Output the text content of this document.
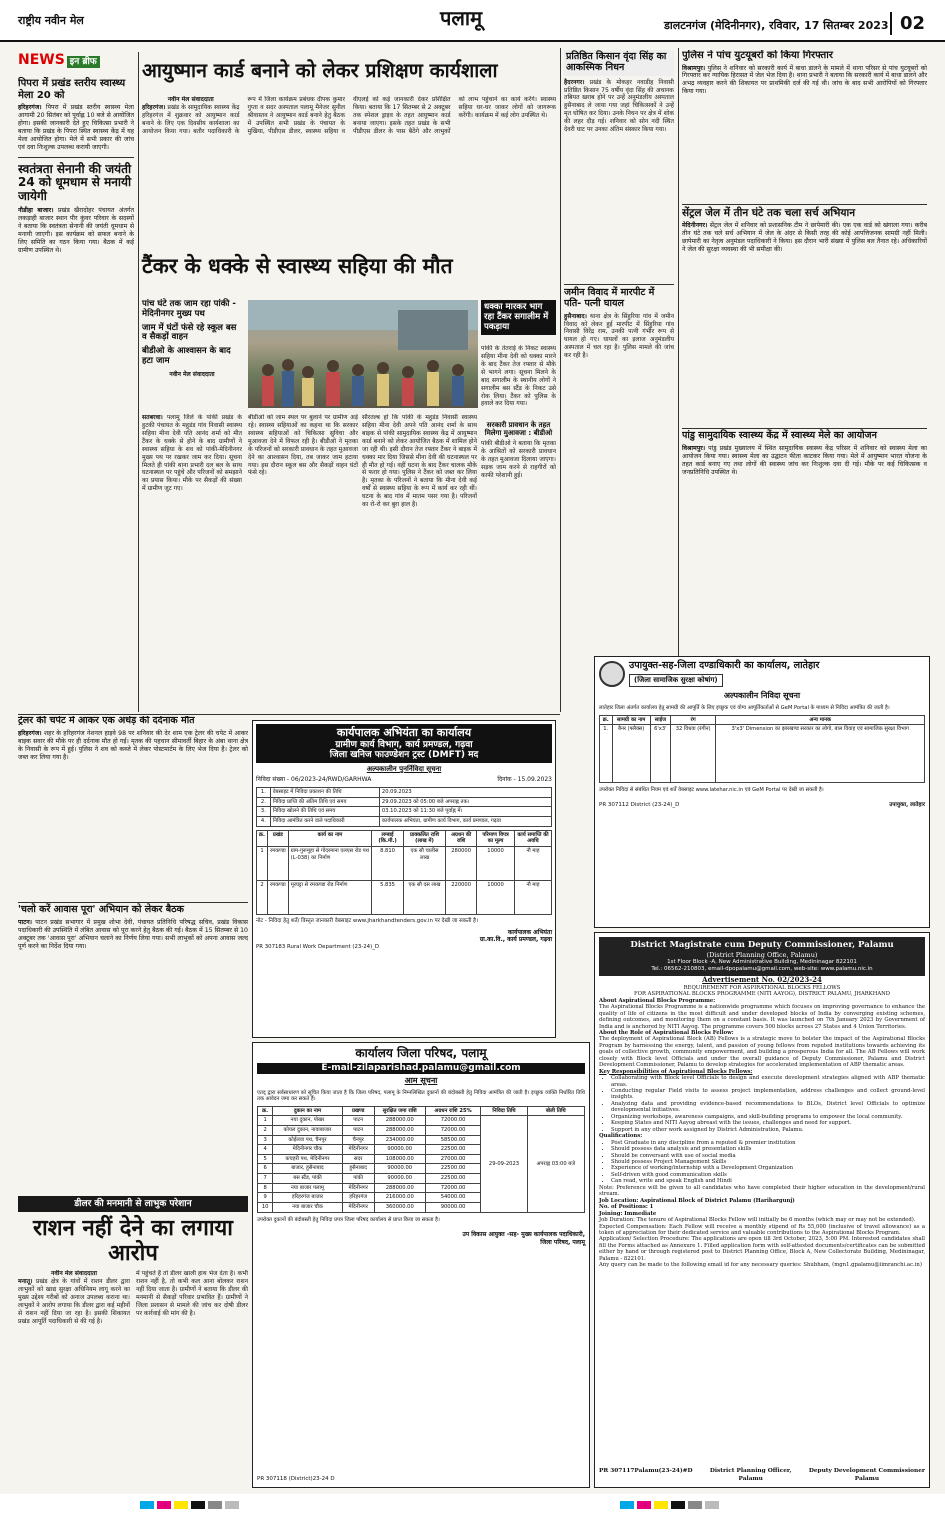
राष्ट्रीय नवीन मेल	पलामू	डालटनगंज (मेदिनीनगर), रविवार, 17 सितम्बर 2023 02
NEWS इन ब्रीफ
पिपरा में प्रखंड स्तरीय स्वास्थ्य मेला 20 को

हरिहरगंज। पिपरा में प्रखंड स्तरीय स्वास्थ्य मेला आगामी 20 सितंबर को पूर्वाह्न 10 बजे से आयोजित होगा। इसकी जानकारी देते हुए चिकित्सा प्रभारी ने बताया कि प्रखंड के पिपरा स्थित स्वास्थ्य केंद्र में यह मेला आयोजित होगा। मेले में सभी प्रकार की जांच एवं दवा निःशुल्क उपलब्ध करायी जाएगी।

स्वतंत्रता सेनानी की जयंती 24 को धूमधाम से मनायी जायेगी

नौडीहा बाजार। प्रखंड खैरादोहर पंचायत अंतर्गत लकड़ाही बाजार स्थान पीर कुंवर परिवार के सदस्यों ने बताया कि स्वतंत्रता सेनानी की जयंती धूमधाम से मनायी जाएगी। इस कार्यक्रम को सफल बनाने के लिए समिति का गठन किया गया। बैठक में कई ग्रामीण उपस्थित थे।

आयुष्मान कार्ड बनाने को लेकर प्रशिक्षण कार्यशाला
नवीन मेल संवाददाता
हरिहरगंज। प्रखंड के सामुदायिक स्वास्थ्य केंद्र हरिहरगंज में शुक्रवार को आयुष्मान कार्ड बनाने के लिए एक दिवसीय कार्यशाला का आयोजन किया गया। बतौर पदाधिकारी के रूप में जिला कार्यक्रम प्रबंधक दीपक कुमार गुप्ता व सदर अस्पताल पलामू मैनेजर सुनील श्रीवास्तव ने आयुष्मान कार्ड बनाने हेतु बैठक में उपस्थित सभी प्रखंड के पंचायत के मुखिया, पीडीएस डीलर, स्वास्थ्य सहिया व वीएलई को कई जानकारी देकर प्रशिक्षित किया। बताया कि 17 सितम्बर से 2 अक्टूबर तक स्पेशल ड्राइव के तहत आयुष्मान कार्ड बनाया जाएगा। इसके तहत प्रखंड के सभी पीडीएस डीलर के पास बैठेंगे और लाभुकों को लाभ पहुंचाने का कार्य करेंगे। स्वास्थ्य सहिया घर-घर जाकर लोगों को जागरूक करेंगी। कार्यक्रम में कई लोग उपस्थित थे।
टैंकर के धक्के से स्वास्थ्य सहिया की मौत
पांच घंटे तक जाम रहा पांकी - मेदिनीनगर मुख्य पथ
जाम में घंटों फंसे रहे स्कूल बस व सैकड़ों वाहन
बीडीओ के आश्वासन के बाद हटा जाम
नवीन मेल संवाददाता
धक्का मारकर भाग रहा टैंकर सगालीम में पकड़ाया
पांकी के तेतराई के निकट स्वास्थ्य सहिया मीना देवी को धक्का मारने के बाद टैंकर तेज रफ्तार से मौके से भागने लगा। सूचना मिलने के बाद सगालीम के स्थानीय लोगों ने सगालीम बस स्टैंड के निकट उसे रोक लिया। टैंकर को पुलिस के हवाले कर दिया गया।
सतबरवा। पलामू जिले के पांकी प्रखंड के हुटकी पंचायत के महुडंड गांव निवासी स्वास्थ्य सहिया मीना देवी पति आनंद शर्मा को मीत टैंकर के धक्के से होने के बाद ग्रामीणों ने स्वास्थ्य सहिया के शव को पांकी-मेदिनीनगर मुख्य पथ पर रखकर जाम कर दिया। सूचना मिलते ही पांकी थाना प्रभारी दल बल के साथ घटनास्थल पर पहुंचे और परिजनों को समझाने का प्रयास किया। मौके पर सैकड़ों की संख्या में ग्रामीण जुट गए।
बीडीओ को जाम स्थल पर बुलाने पर ग्रामीण अड़े रहे। स्वास्थ्य सहियाओं का कहना था कि सरकार स्वास्थ्य सहियाओं को चिकित्सा सुविधा और मुआवजा देने में विफल रही है। बीडीओ ने मृतका के परिजनों को सरकारी प्रावधान के तहत मुआवजा देने का आश्वासन दिया, तब जाकर जाम हटाया गया। इस दौरान स्कूल बस और सैकड़ों वाहन घंटों फंसे रहे।
सौरतल्ब हो कि पांकी के महुडंड निवासी स्वास्थ्य सहिया मीना देवी अपने पति आनंद शर्मा के साथ बाइक से पांकी सामुदायिक स्वास्थ्य केंद्र में आयुष्मान कार्ड बनाने को लेकर आयोजित बैठक में शामिल होने जा रही थी। इसी दौरान तेज रफ्तार टैंकर ने बाइक में धक्का मार दिया जिससे मीना देवी की घटनास्थल पर ही मौत हो गई। वहीं घटना के बाद टैंकर चालक मौके से फरार हो गया। पुलिस ने टैंकर को जब्त कर लिया है। मृतका के परिजनों ने बताया कि मीना देवी कई वर्षों से स्वास्थ्य सहिया के रूप में कार्य कर रही थीं। घटना के बाद गांव में मातम पसर गया है। परिजनों का रो-रो कर बुरा हाल है।
सरकारी प्रावधान के तहत मिलेगा मुआवजा : बीडीओ
पांकी बीडीओ ने बताया कि मृतका के आश्रितों को सरकारी प्रावधान के तहत मुआवजा दिलाया जाएगा। सड़क जाम करने से राहगीरों को काफी परेशानी हुई।
प्रतिष्ठित किसान वृंदा सिंह का आकस्मिक निधन

हैदरनगर। प्रखंड के मोकहर नवाडीह निवासी प्रतिष्ठित किसान 75 वर्षीय वृंदा सिंह की अचानक तबियत खराब होने पर उन्हें अनुमंडलीय अस्पताल हुसैनाबाद ले जाया गया जहां चिकित्सकों ने उन्हें मृत घोषित कर दिया। उनके निधन पर क्षेत्र में शोक की लहर दौड़ गई। शनिवार को सोन नदी स्थित देवरी घाट पर उनका अंतिम संस्कार किया गया।

जमीन विवाद में मारपीट में पति- पत्नी घायल

हुसैनाबाद। थाना क्षेत्र के सिंहुरिया गांव में जमीन विवाद को लेकर हुई मारपीट में सिंहुरिया गांव निवासी विरेंद्र राम, उनकी पत्नी गंभीर रूप से घायल हो गए। घायलों का इलाज अनुमंडलीय अस्पताल में चल रहा है। पुलिस मामले की जांच कर रही है।

पुलिस ने पांच युटयूबरों को किया गिरफ्तार

विश्रामपुर। पुलिस ने शनिवार को सरकारी कार्य में बाधा डालने के मामले में थाना परिसर से पांच युटयूबरों को गिरफ्तार कर न्यायिक हिरासत में जेल भेज दिया है। थाना प्रभारी ने बताया कि सरकारी कार्य में बाधा डालने और अभद्र व्यवहार करने की शिकायत पर प्राथमिकी दर्ज की गई थी। जांच के बाद सभी आरोपियों को गिरफ्तार किया गया।

सेंट्रल जेल में तीन घंटे तक चला सर्च अभियान

मेदिनीनगर। सेंट्रल जेल में शनिवार को प्रशासनिक टीम ने छापेमारी की। एक एक वार्ड को खंगाला गया। करीब तीन घंटे तक चले सर्च अभियान में जेल के अंदर से किसी तरह की कोई आपत्तिजनक सामग्री नहीं मिली। छापेमारी का नेतृत्व अनुमंडल पदाधिकारी ने किया। इस दौरान भारी संख्या में पुलिस बल तैनात रहे। अधिकारियों ने जेल की सुरक्षा व्यवस्था की भी समीक्षा की।

पांडु सामुदायिक स्वास्थ्य केंद्र में स्वास्थ्य मेले का आयोजन

विश्रामपुर। पांडु प्रखंड मुख्यालय में स्थित सामुदायिक स्वास्थ्य केंद्र परिसर में शनिवार को स्वास्थ्य मेला का आयोजन किया गया। स्वास्थ्य मेला का उद्घाटन फीता काटकर किया गया। मेले में आयुष्मान भारत योजना के तहत कार्ड बनाए गए तथा लोगों की स्वास्थ्य जांच कर निःशुल्क दवा दी गई। मौके पर कई चिकित्सक व जनप्रतिनिधि उपस्थित थे।

उपायुक्त-सह-जिला दण्डाधिकारी का कार्यालय, लातेहार
(जिला सामाजिक सुरक्षा कोषांग)
अल्पकालीन निविदा सूचना
लातेहार जिला अंतर्गत कार्यालय हेतु सामग्री की आपूर्ति के लिए इच्छुक एवं योग्य आपूर्तिकर्ताओं से GeM Portal के माध्यम से निविदा आमंत्रित की जाती है।
क्र.	सामग्री का नाम	साईज	रंग	अन्य मानक
1.	बैनर (फ्लैक्स)	6'x3'	32 विधवा (रंगीन)	3'x3' Dimension का झारखण्ड सरकार का लोगो, बाल विवाह एवं सामाजिक सुरक्षा विभाग
उपरोक्त निविदा से संबंधित नियम एवं शर्तें वेबसाइट www.latehar.nic.in एवं GeM Portal पर देखी जा सकती है।
PR 307112 District (23-24)_D	उपायुक्त, लातेहार
District Magistrate cum Deputy Commissioner, Palamu
(District Planning Office, Palamu)
1st Floor Block -A, New Administrative Building, Medininagar 822101
Tel.: 06562-210803, email-dpopalamu@gmail.com, web-site: www.palamu.nic.in
Advertisement No. 02/2023-24
REQUIREMENT FOR ASPIRATIONAL BLOCKS FELLOWS
FOR ASPIRATIONAL BLOCKS PROGRAMME (NITI AAYOG), DISTRICT PALAMU, JHARKHAND
About Aspirational Blocks Programme:
The Aspirational Blocks Programme is a nationwide programme which focuses on improving governance to enhance the quality of life of citizens in the most difficult and under developed blocks of India by converging existing schemes, defining outcomes, and monitoring them on a constant basis. It was launched on 7th January 2023 by Government of India and is anchored by NITI Aayog. The programme covers 500 blocks across 27 States and 4 Union Territories.
About the Role of Aspirational Blocks Fellow:
The deployment of Aspirational Block (AB) Fellows is a strategic move to bolster the impact of the Aspirational Blocks Program by harnessing the energy, talent, and passion of young fellows from reputed institutions towards achieving its goals of collective growth, community empowerment, and building a prosperous India for all. The AB Fellows will work closely with Block level Officials and under the overall guidance of Deputy Commissioner, Palamu and District Development Commissioner, Palamu to develop strategies for accelerated implementation of ABP thematic areas.
Key Responsibilities of Aspirational Blocks Fellows:
• Collaborating with Block level Officials to design and execute development strategies aligned with ABP thematic areas.
• Conducting regular Field visits to assess project implementation, address challenges and collect ground-level insights.
• Analyzing data and providing evidence-based recommendations to BLOs, District level Officials to optimize developmental initiatives.
• Organizing workshops, awareness campaigns, and skill-building programs to empower the local community.
• Keeping States and NITI Aayog abreast with the issues, challenges and need for support.
• Support in any other work assigned by District Administration, Palamu.
Qualifications:
• Post Graduate in any discipline from a reputed & premier institution
• Should possess data analysis and presentation skills
• Should be conversant with use of social media
• Should possess Project Management Skills
• Experience of working/internship with a Development Organization
• Self-driven with good communication skills
• Can read, write and speak English and Hindi
Note: Preference will be given to all candidates who have completed their higher education in the development/rural stream.
Job Location: Aspirational Block of District Palamu (Harihargunj)
No. of Positions: 1
Joining: Immediate
Job Duration: The tenure of Aspirational Blocks Fellow will initially be 6 months (which may or may not be extended).
Expected Compensation: Each Fellow will receive a monthly stipend of Rs 55,000 (inclusive of travel allowance) as a token of appreciation for their dedicated service and valuable contributions to the Aspirational Blocks Program.
Application/ Selection Procedure: The applications are open till 3rd October, 2023, 5:00 PM. Interested candidates shall fill the Forms attached as Annexure 1. Filled application form with self-attested documents/certificates can be submitted either by hand or through registered post to District Planning Office, Block A, New Collectorate Building, Medininagar, Palamu - 822101.
Any query can be made to the following email id for any necessary queries: Shubham, (mgn1.gpalamu@iimranchi.ac.in)
PR 307117Palamu(23-24)#D	District Planning Officer,
Palamu
Deputy Development Commissioner
Palamu
ट्रेलर की चपेट में आकर एक अधेड़ की दर्दनाक मौत

हरिहरगंज। शहर के हरिहरगंज नेशनल हाइवे 98 पर शनिवार की देर शाम एक ट्रेलर की चपेट में आकर बाइक सवार की मौके पर ही दर्दनाक मौत हो गई। मृतक की पहचान सीमावर्ती बिहार के अंबा थाना क्षेत्र के निवासी के रूप में हुई। पुलिस ने शव को कब्जे में लेकर पोस्टमार्टम के लिए भेज दिया है। ट्रेलर को जब्त कर लिया गया है।

'चलो करें आवास पूरा' अभियान को लेकर बैठक

पाटन। पाटन प्रखंड सभागार में प्रमुख शोभा देवी, पंचायत प्रतिनिधि परिषद्ध सचिव, प्रखंड विकास पदाधिकारी की उपस्थिति में लंबित आवास को पूरा करने हेतु बैठक की गई। बैठक में 15 सितम्बर से 10 अक्टूबर तक 'आवास पूरा' अभियान चलाने का निर्णय लिया गया। सभी लाभुकों को अपना आवास जल्द पूर्ण करने का निर्देश दिया गया।

डीलर की मनमानी से लाभुक परेशान
राशन नहीं देने का लगाया आरोप
नवीन मेल संवाददाता
मनातू। प्रखंड क्षेत्र के गांवों में राशन डीलर द्वारा लाभुकों को खाद्य सुरक्षा अधिनियम लागू करने का मुख्य उद्देश्य गरीबों को अनाज उपलब्ध कराना था। लाभुकों ने आरोप लगाया कि डीलर द्वारा कई महीनों से राशन नहीं दिया जा रहा है। इसकी शिकायत प्रखंड आपूर्ति पदाधिकारी से की गई है।
में पहुंचते हैं तो डीलर खाली हाथ भेज देता है। कभी राशन नहीं है, तो कभी कल आना बोलकर राशन नहीं दिया जाता है। ग्रामीणों ने बताया कि डीलर की मनमानी से सैकड़ों परिवार प्रभावित हैं। ग्रामीणों ने जिला प्रशासन से मामले की जांच कर दोषी डीलर पर कार्रवाई की मांग की है।
कार्यपालक अभियंता का कार्यालय
ग्रामीण कार्य विभाग, कार्य प्रमण्डल, गढ़वा
जिला खनिज फाउण्डेशन ट्रस्ट (DMFT) मद
अल्पकालीन पुनर्निविदा सूचना
निविदा संख्या - 06/2023-24/RWD/GARHWA	दिनांक - 15.09.2023
1.	वेबसाइट में निविदा प्रकाशन की तिथि	20.09.2023
2.	निविदा प्राप्ति की अंतिम तिथि एवं समय	29.09.2023 को 05:00 बजे अपराह्न तक।
3.	निविदा खोलने की तिथि एवं समय	03.10.2023 को 11:30 बजे पूर्वाह्न में।
4.	निविदा आमंत्रित करने वाले पदाधिकारी	कार्यपालक अभियंता, ग्रामीण कार्य विभाग, कार्य प्रमण्डल, गढ़वा
क्र.	प्रखंड	कार्य का नाम	लम्बाई (कि.मी.)	प्राक्कलित राशि (लाख में)	अग्रधन की राशि	परिमाण विपत्र का मूल्य	कार्य समाप्ति की अवधि
1	रमकण्डा	ग्राम-गुरूमुहा से गोदरमाना एलएस रोड पथ (L-038) का निर्माण	8.810	एक सौ चालीस लाख	280000	10000	नौ माह
2	रमकण्डा	मूरघट्टा से रमकण्डा रोड निर्माण	5.835	एक सौ दस लाख	220000	10000	नौ माह
नोट - निविदा हेतु शर्तें/ विस्तृत जानकारी वेबसाइट www.jharkhandtenders.gov.in पर देखी जा सकती है।
कार्यपालक अभियंता
ग्रा.का.वि., कार्य प्रमण्डल, गढ़वा
PR 307183 Rural Work Department (23-24)_D
कार्यालय जिला परिषद, पलामू
E-mail-zilaparishad.palamu@gmail.com
आम सूचना
एतद् द्वारा सर्वसाधारण को सूचित किया जाता है कि जिला परिषद, पलामू के निम्नलिखित दुकानों की बंदोबस्ती हेतु निविदा आमंत्रित की जाती है। इच्छुक व्यक्ति निर्धारित तिथि तक आवेदन जमा कर सकते हैं।
क्र.	दुकान का नाम	प्रखण्ड	सुरक्षित जमा राशि	अग्रधन राशि 25%	निविदा तिथि	बोली तिथि
1	नया दुकान, पोखर	पाटन	288000.00	72000.00	29-09-2023	अपराह्न 03:00 बजे
2	कोयल दुकान, नावाबाजार	पाटन	288000.00	72000.00		
3	कोईलवा पथ, चैनपुर	चैनपुर	234000.00	58500.00		
4	मेदिनीनगर चौक	मेदिनीनगर	90000.00	22500.00		
5	कचहरी पथ, मेदिनीनगर	सदर	108000.00	27000.00		
6	बाजार, हुसैनाबाद	हुसैनाबाद	90000.00	22500.00		
7	बस स्टैंड, पांकी	पांकी	90000.00	22500.00		
8	नया बाजार पलामू	मेदिनीनगर	288000.00	72000.00		
9	हरिहरगंज बाजार	हरिहरगंज	216000.00	54000.00		
10	नया बाजार चौक	मेदिनीनगर	360000.00	90000.00		
उपरोक्त दुकानों की बंदोबस्ती हेतु निविदा प्रपत्र जिला परिषद कार्यालय से प्राप्त किया जा सकता है।
उप विकास आयुक्त -सह- मुख्य कार्यपालक पदाधिकारी,
जिला परिषद, पलामू
PR 307118 (District)23-24 D
